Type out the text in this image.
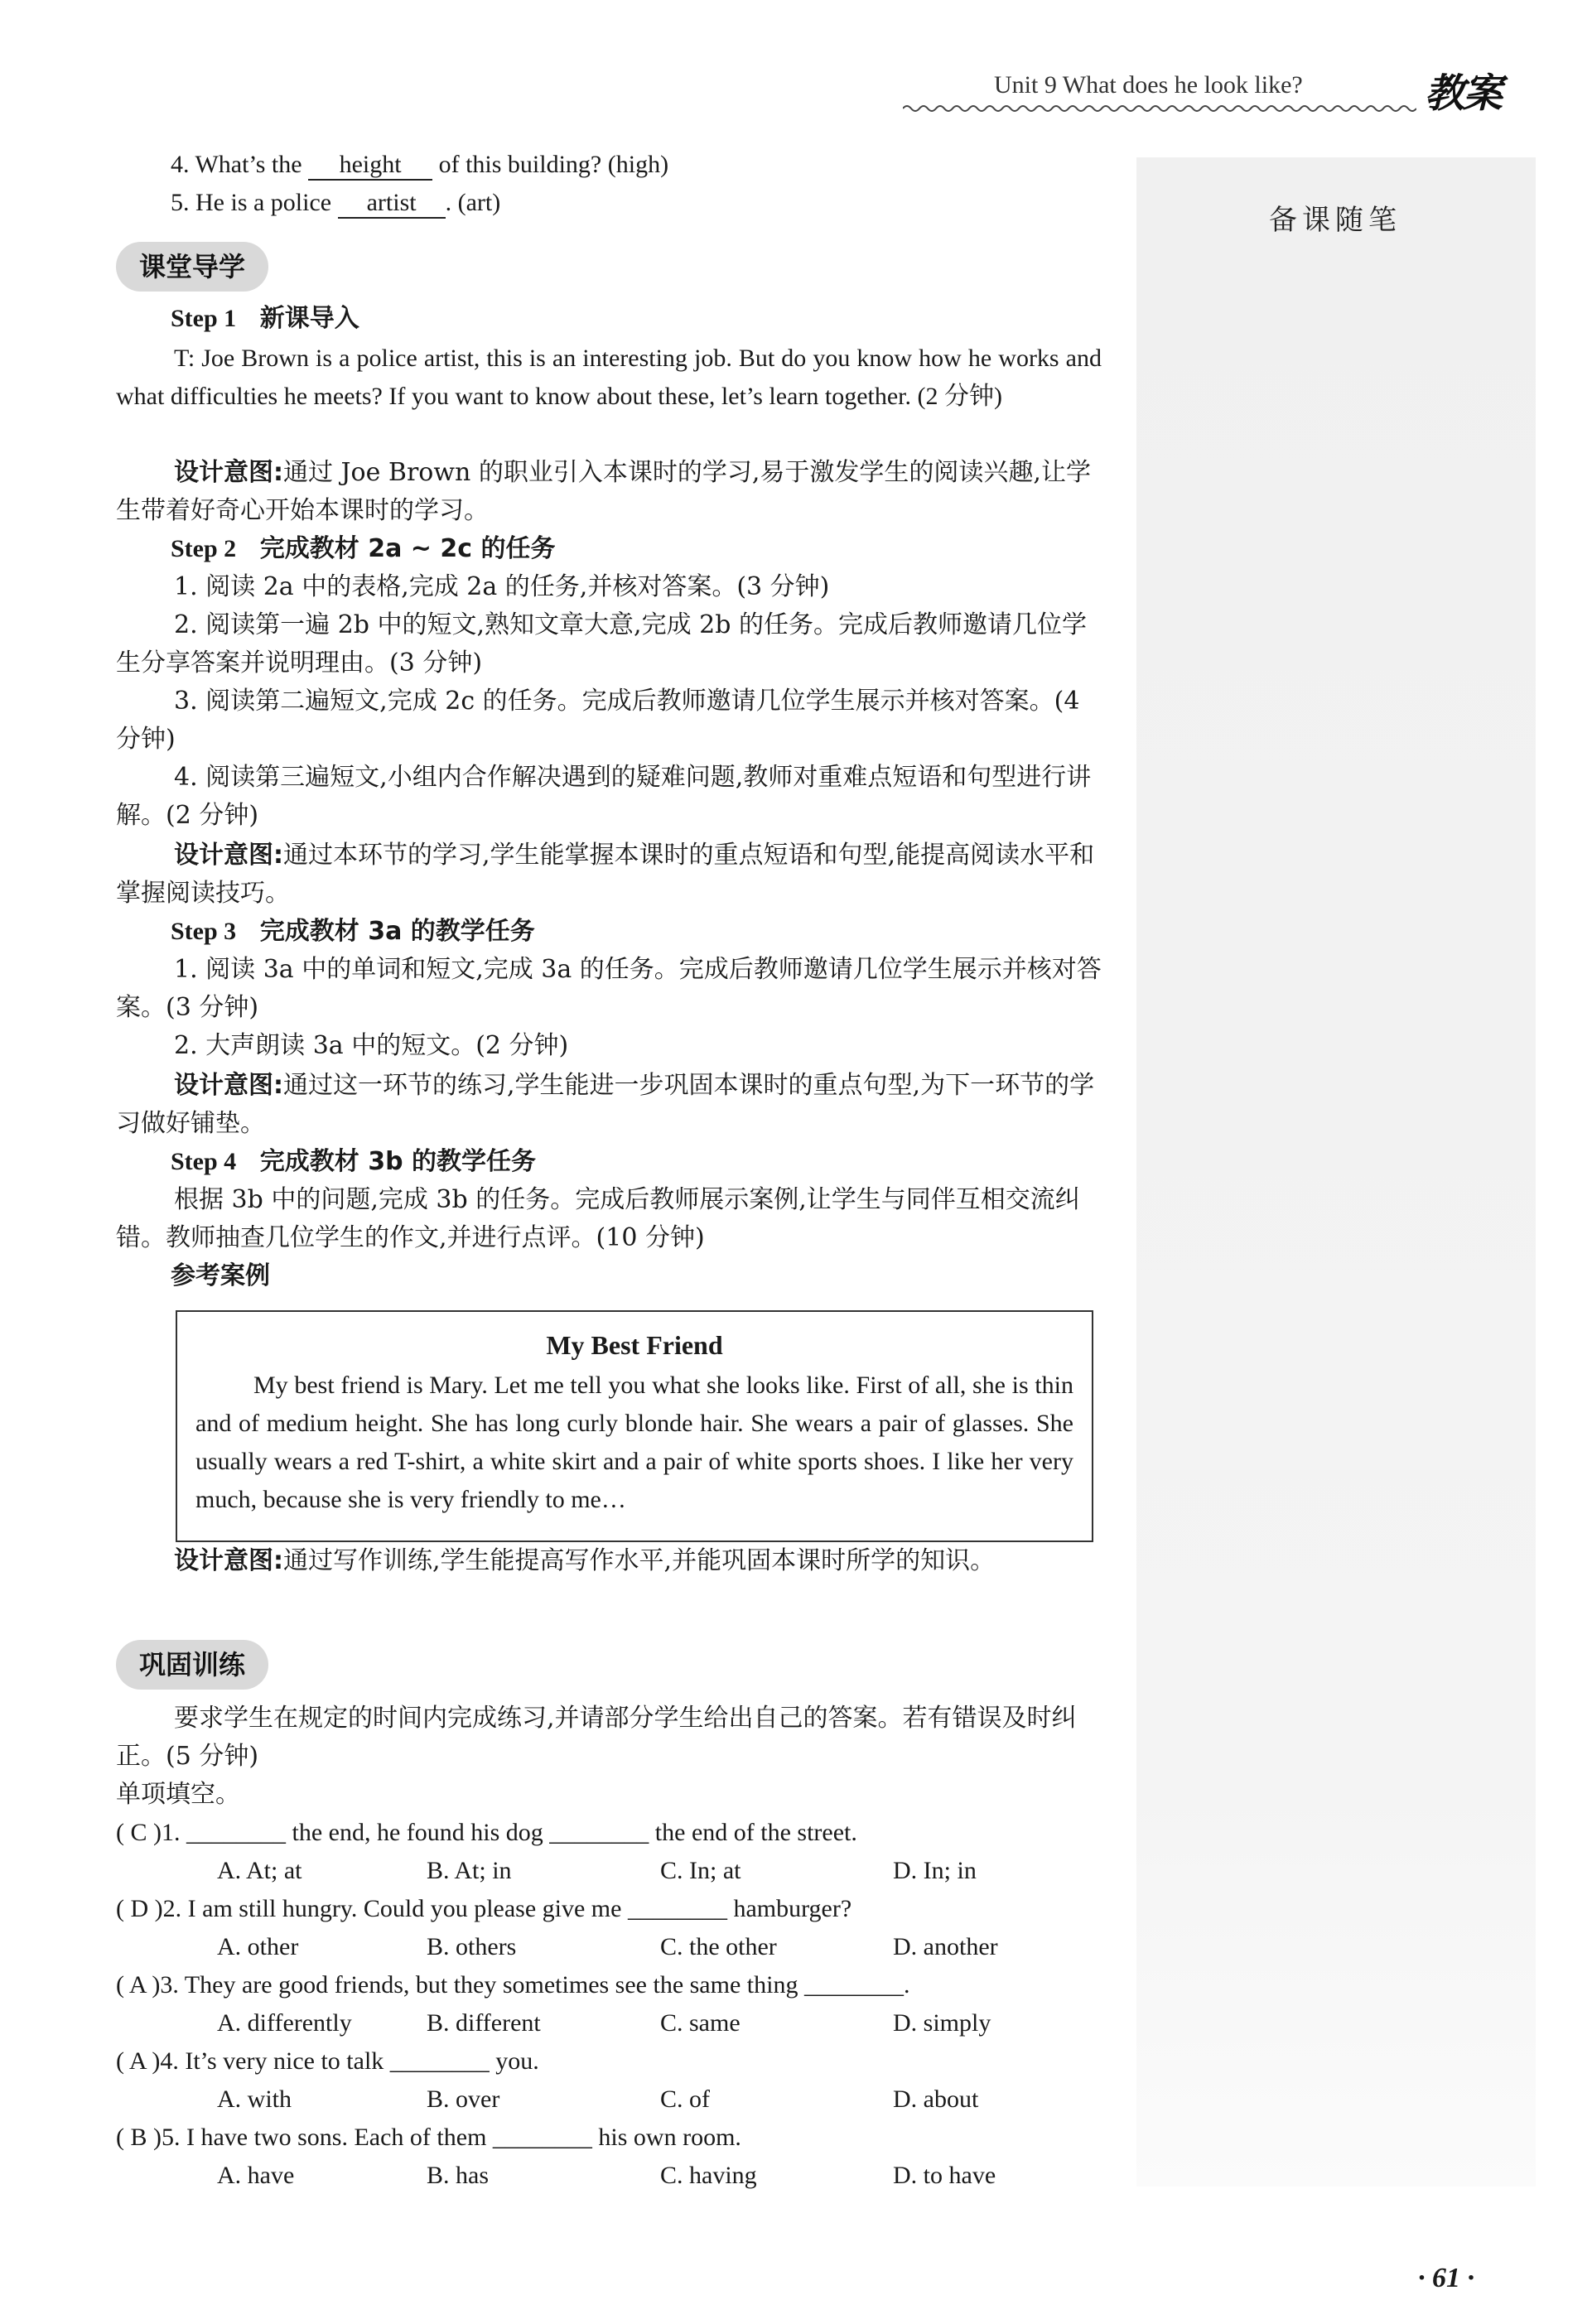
Unit 9 What does he look like?	教案
备课随笔
4. What’s the height of this building? (high)
5. He is a police artist . (art)
课堂导学
Step 1 新课导入
T: Joe Brown is a police artist, this is an interesting job. But do you know how he works and what difficulties he meets? If you want to know about these, let’s learn together. (2 分钟)
设计意图:通过 Joe Brown 的职业引入本课时的学习,易于激发学生的阅读兴趣,让学生带着好奇心开始本课时的学习。
Step 2 完成教材 2a ~ 2c 的任务
1. 阅读 2a 中的表格,完成 2a 的任务,并核对答案。(3 分钟)
2. 阅读第一遍 2b 中的短文,熟知文章大意,完成 2b 的任务。完成后教师邀请几位学生分享答案并说明理由。(3 分钟)
3. 阅读第二遍短文,完成 2c 的任务。完成后教师邀请几位学生展示并核对答案。(4 分钟)
4. 阅读第三遍短文,小组内合作解决遇到的疑难问题,教师对重难点短语和句型进行讲解。(2 分钟)
设计意图:通过本环节的学习,学生能掌握本课时的重点短语和句型,能提高阅读水平和掌握阅读技巧。
Step 3 完成教材 3a 的教学任务
1. 阅读 3a 中的单词和短文,完成 3a 的任务。完成后教师邀请几位学生展示并核对答案。(3 分钟)
2. 大声朗读 3a 中的短文。(2 分钟)
设计意图:通过这一环节的练习,学生能进一步巩固本课时的重点句型,为下一环节的学习做好铺垫。
Step 4 完成教材 3b 的教学任务
根据 3b 中的问题,完成 3b 的任务。完成后教师展示案例,让学生与同伴互相交流纠错。教师抽查几位学生的作文,并进行点评。(10 分钟)
参考案例
My Best Friend
My best friend is Mary. Let me tell you what she looks like. First of all, she is thin and of medium height. She has long curly blonde hair. She wears a pair of glasses. She usually wears a red T-shirt, a white skirt and a pair of white sports shoes. I like her very much, because she is very friendly to me…
设计意图:通过写作训练,学生能提高写作水平,并能巩固本课时所学的知识。
巩固训练
要求学生在规定的时间内完成练习,并请部分学生给出自己的答案。若有错误及时纠正。(5 分钟)
单项填空。
( C )1. ________ the end, he found his dog ________ the end of the street.
A. At; at	B. At; in	C. In; at	D. In; in
( D )2. I am still hungry. Could you please give me ________ hamburger?
A. other	B. others	C. the other	D. another
( A )3. They are good friends, but they sometimes see the same thing ________.
A. differently	B. different	C. same	D. simply
( A )4. It’s very nice to talk ________ you.
A. with	B. over	C. of	D. about
( B )5. I have two sons. Each of them ________ his own room.
A. have	B. has	C. having	D. to have
· 61 ·
